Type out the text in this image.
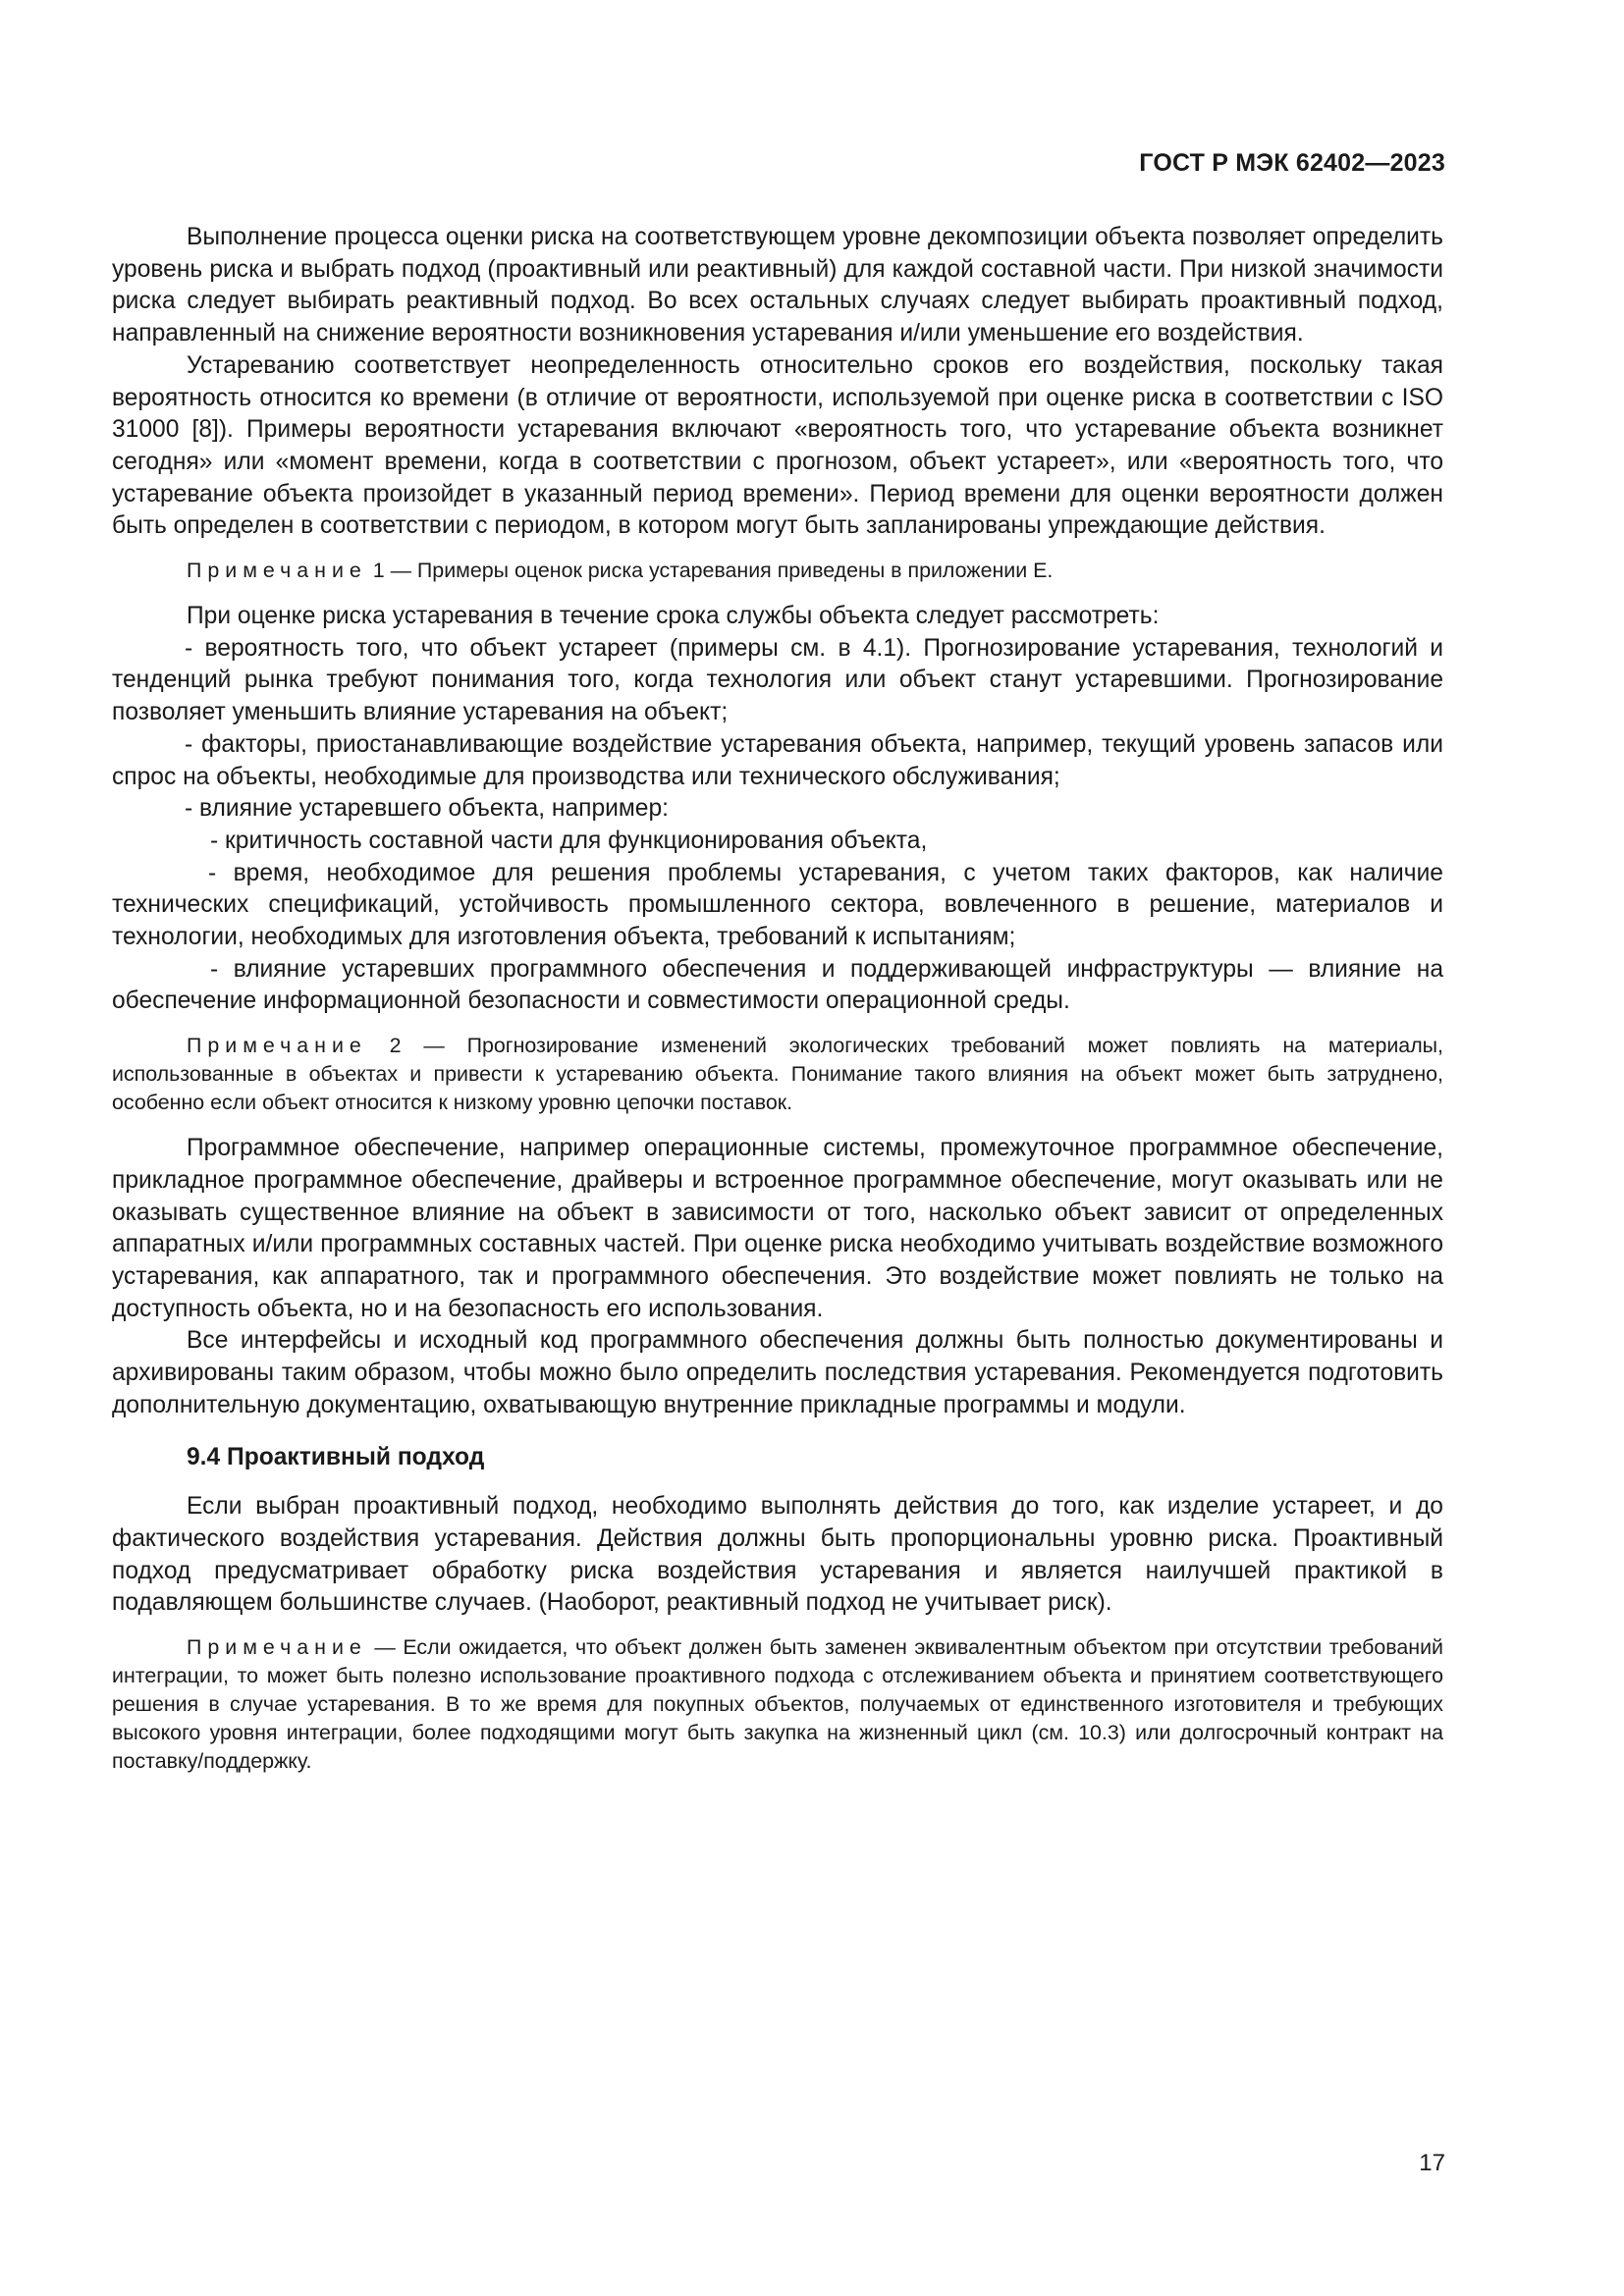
ГОСТ Р МЭК 62402—2023

Выполнение процесса оценки риска на соответствующем уровне декомпозиции объекта позволяет определить уровень риска и выбрать подход (проактивный или реактивный) для каждой составной части. При низкой значимости риска следует выбирать реактивный подход. Во всех остальных случаях следует выбирать проактивный подход, направленный на снижение вероятности возникновения устаревания и/или уменьшение его воздействия.

Устареванию соответствует неопределенность относительно сроков его воздействия, поскольку такая вероятность относится ко времени (в отличие от вероятности, используемой при оценке риска в соответствии с ISO 31000 [8]). Примеры вероятности устаревания включают «вероятность того, что устаревание объекта возникнет сегодня» или «момент времени, когда в соответствии с прогнозом, объект устареет», или «вероятность того, что устаревание объекта произойдет в указанный период времени». Период времени для оценки вероятности должен быть определен в соответствии с периодом, в котором могут быть запланированы упреждающие действия.

Примечание 1 — Примеры оценок риска устаревания приведены в приложении Е.

При оценке риска устаревания в течение срока службы объекта следует рассмотреть:

- вероятность того, что объект устареет (примеры см. в 4.1). Прогнозирование устаревания, технологий и тенденций рынка требуют понимания того, когда технология или объект станут устаревшими. Прогнозирование позволяет уменьшить влияние устаревания на объект;

- факторы, приостанавливающие воздействие устаревания объекта, например, текущий уровень запасов или спрос на объекты, необходимые для производства или технического обслуживания;

- влияние устаревшего объекта, например:

- критичность составной части для функционирования объекта,

- время, необходимое для решения проблемы устаревания, с учетом таких факторов, как наличие технических спецификаций, устойчивость промышленного сектора, вовлеченного в решение, материалов и технологии, необходимых для изготовления объекта, требований к испытаниям;

- влияние устаревших программного обеспечения и поддерживающей инфраструктуры — влияние на обеспечение информационной безопасности и совместимости операционной среды.

Примечание 2 — Прогнозирование изменений экологических требований может повлиять на материалы, использованные в объектах и привести к устареванию объекта. Понимание такого влияния на объект может быть затруднено, особенно если объект относится к низкому уровню цепочки поставок.

Программное обеспечение, например операционные системы, промежуточное программное обеспечение, прикладное программное обеспечение, драйверы и встроенное программное обеспечение, могут оказывать или не оказывать существенное влияние на объект в зависимости от того, насколько объект зависит от определенных аппаратных и/или программных составных частей. При оценке риска необходимо учитывать воздействие возможного устаревания, как аппаратного, так и программного обеспечения. Это воздействие может повлиять не только на доступность объекта, но и на безопасность его использования.

Все интерфейсы и исходный код программного обеспечения должны быть полностью документированы и архивированы таким образом, чтобы можно было определить последствия устаревания. Рекомендуется подготовить дополнительную документацию, охватывающую внутренние прикладные программы и модули.

9.4 Проактивный подход

Если выбран проактивный подход, необходимо выполнять действия до того, как изделие устареет, и до фактического воздействия устаревания. Действия должны быть пропорциональны уровню риска. Проактивный подход предусматривает обработку риска воздействия устаревания и является наилучшей практикой в подавляющем большинстве случаев. (Наоборот, реактивный подход не учитывает риск).

Примечание — Если ожидается, что объект должен быть заменен эквивалентным объектом при отсутствии требований интеграции, то может быть полезно использование проактивного подхода с отслеживанием объекта и принятием соответствующего решения в случае устаревания. В то же время для покупных объектов, получаемых от единственного изготовителя и требующих высокого уровня интеграции, более подходящими могут быть закупка на жизненный цикл (см. 10.3) или долгосрочный контракт на поставку/поддержку.

17
